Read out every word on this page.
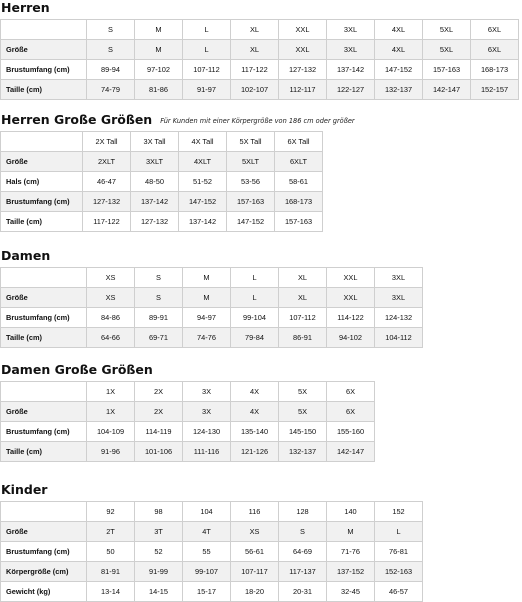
Herren
	S	M	L	XL	XXL	3XL	4XL	5XL	6XL
Größe	S	M	L	XL	XXL	3XL	4XL	5XL	6XL
Brustumfang (cm)	89-94	97-102	107-112	117-122	127-132	137-142	147-152	157-163	168-173
Taille (cm)	74-79	81-86	91-97	102-107	112-117	122-127	132-137	142-147	152-157
Herren Große Größen Für Kunden mit einer Körpergröße von 186 cm oder größer
	2X Tall	3X Tall	4X Tall	5X Tall	6X Tall
Größe	2XLT	3XLT	4XLT	5XLT	6XLT
Hals (cm)	46-47	48-50	51-52	53-56	58-61
Brustumfang (cm)	127-132	137-142	147-152	157-163	168-173
Taille (cm)	117-122	127-132	137-142	147-152	157-163
Damen
	XS	S	M	L	XL	XXL	3XL
Größe	XS	S	M	L	XL	XXL	3XL
Brustumfang (cm)	84-86	89-91	94-97	99-104	107-112	114-122	124-132
Taille (cm)	64-66	69-71	74-76	79-84	86-91	94-102	104-112
Damen Große Größen
	1X	2X	3X	4X	5X	6X
Größe	1X	2X	3X	4X	5X	6X
Brustumfang (cm)	104-109	114-119	124-130	135-140	145-150	155-160
Taille (cm)	91-96	101-106	111-116	121-126	132-137	142-147
Kinder
	92	98	104	116	128	140	152
Größe	2T	3T	4T	XS	S	M	L
Brustumfang (cm)	50	52	55	56-61	64-69	71-76	76-81
Körpergröße (cm)	81-91	91-99	99-107	107-117	117-137	137-152	152-163
Gewicht (kg)	13-14	14-15	15-17	18-20	20-31	32-45	46-57
